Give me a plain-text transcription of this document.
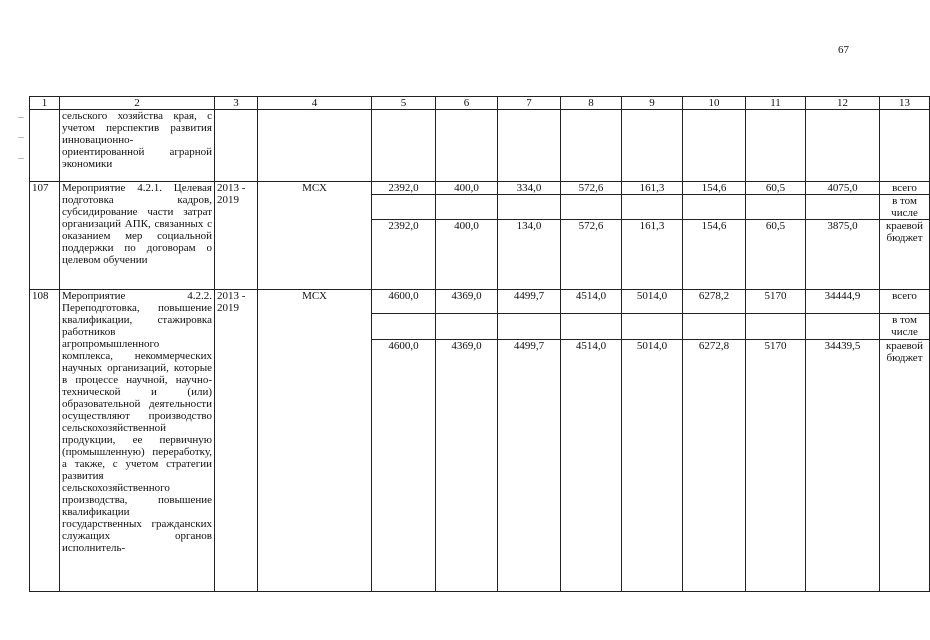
67
1	2	3	4	5	6	7	8	9	10	11	12	13
	сельского хозяйства края, с учетом перспектив развития инновационно-ориентированной аграрной экономики											
107	Мероприятие 4.2.1. Целевая подготовка кадров, субсидирование части затрат организаций АПК, связанных с оказанием мер социальной поддержки по договорам о целевом обучении	2013 - 2019	МСХ	2392,0	400,0	334,0	572,6	161,3	154,6	60,5	4075,0	всего
												в том числе
				2392,0	400,0	134,0	572,6	161,3	154,6	60,5	3875,0	краевой бюджет
108	Мероприятие 4.2.2. Переподготовка, повышение квалификации, стажировка работников агропромышленного комплекса, некоммерческих научных организаций, которые в процессе научной, научно-технической и (или) образовательной деятельности осуществляют производство сельскохозяйственной продукции, ее первичную (промышленную) переработку, а также, с учетом стратегии развития сельскохозяйственного производства, повышение квалификации государственных гражданских служащих органов исполнитель-	2013 - 2019	МСХ	4600,0	4369,0	4499,7	4514,0	5014,0	6278,2	5170	34444,9	всего
												в том числе
				4600,0	4369,0	4499,7	4514,0	5014,0	6272,8	5170	34439,5	краевой бюджет
